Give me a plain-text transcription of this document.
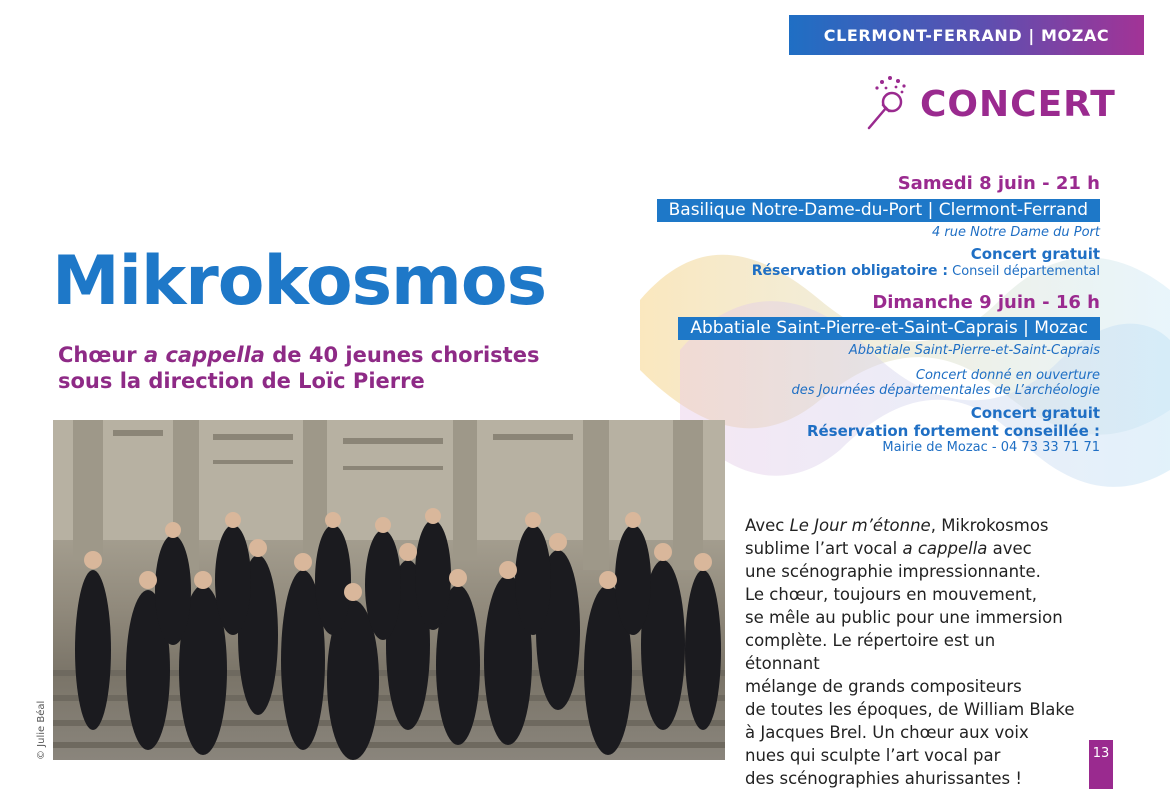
CLERMONT-FERRAND | MOZAC
CONCERT
Samedi 8 juin - 21 h
Basilique Notre-Dame-du-Port | Clermont-Ferrand
4 rue Notre Dame du Port
Concert gratuit
Réservation obligatoire : Conseil départemental
Dimanche 9 juin - 16 h
Abbatiale Saint-Pierre-et-Saint-Caprais | Mozac
Abbatiale Saint-Pierre-et-Saint-Caprais
Concert donné en ouverture
des Journées départementales de L’archéologie
Concert gratuit
Réservation fortement conseillée :
Mairie de Mozac - 04 73 33 71 71
Mikrokosmos
Chœur a cappella de 40 jeunes choristes
sous la direction de Loïc Pierre
© Julie Béal
Avec Le Jour m’étonne, Mikrokosmos
sublime l’art vocal a cappella avec
une scénographie impressionnante.
Le chœur, toujours en mouvement,
se mêle au public pour une immersion
complète. Le répertoire est un étonnant
mélange de grands compositeurs
de toutes les époques, de William Blake
à Jacques Brel. Un chœur aux voix
nues qui sculpte l’art vocal par
des scénographies ahurissantes !
13
